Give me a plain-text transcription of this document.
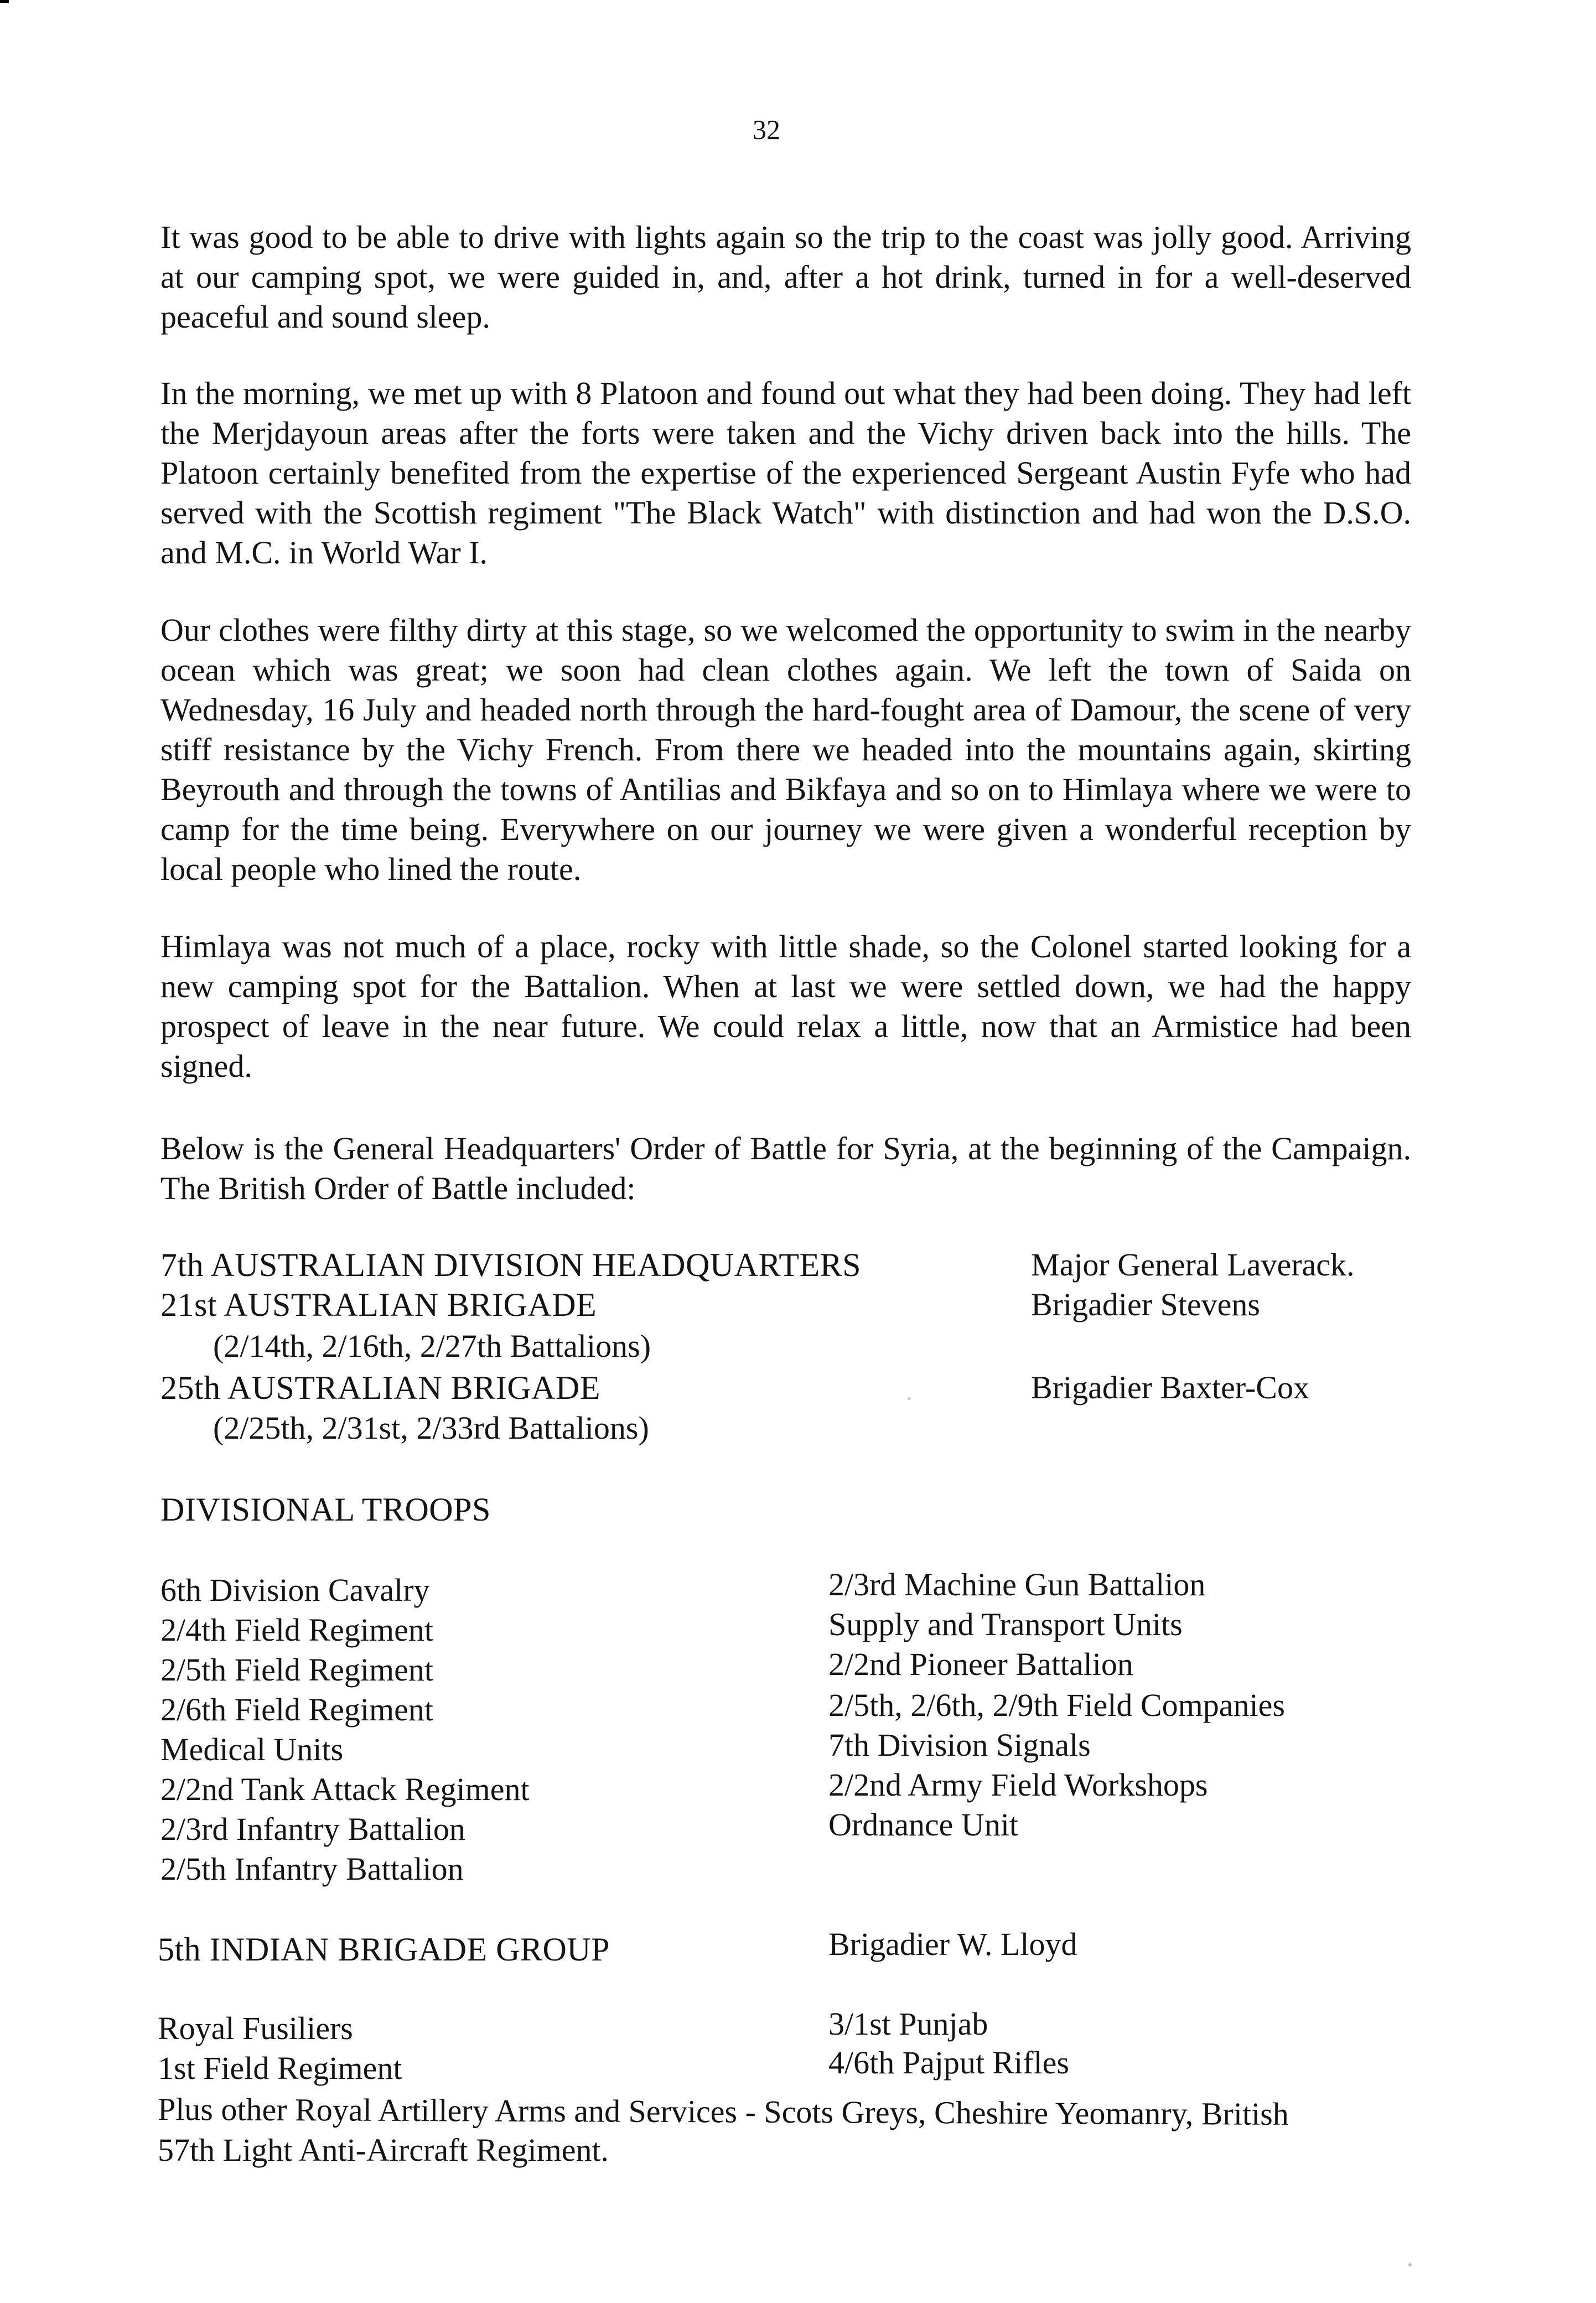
32

It was good to be able to drive with lights again so the trip to the coast was jolly good. Arriving at our camping spot, we were guided in, and, after a hot drink, turned in for a well-deserved peaceful and sound sleep.

In the morning, we met up with 8 Platoon and found out what they had been doing. They had left the Merjdayoun areas after the forts were taken and the Vichy driven back into the hills. The Platoon certainly benefited from the expertise of the experienced Sergeant Austin Fyfe who had served with the Scottish regiment "The Black Watch" with distinction and had won the D.S.O. and M.C. in World War I.

Our clothes were filthy dirty at this stage, so we welcomed the opportunity to swim in the nearby ocean which was great; we soon had clean clothes again. We left the town of Saida on Wednesday, 16 July and headed north through the hard-fought area of Damour, the scene of very stiff resistance by the Vichy French. From there we headed into the mountains again, skirting Beyrouth and through the towns of Antilias and Bikfaya and so on to Himlaya where we were to camp for the time being. Everywhere on our journey we were given a wonderful reception by local people who lined the route.

Himlaya was not much of a place, rocky with little shade, so the Colonel started looking for a new camping spot for the Battalion. When at last we were settled down, we had the happy prospect of leave in the near future. We could relax a little, now that an Armistice had been signed.

Below is the General Headquarters' Order of Battle for Syria, at the beginning of the Campaign. The British Order of Battle included:

7th AUSTRALIAN DIVISION HEADQUARTERS	Major General Laverack.
21st AUSTRALIAN BRIGADE	Brigadier Stevens
(2/14th, 2/16th, 2/27th Battalions)
25th AUSTRALIAN BRIGADE	Brigadier Baxter-Cox
(2/25th, 2/31st, 2/33rd Battalions)
DIVISIONAL TROOPS
6th Division Cavalry
2/4th Field Regiment
2/5th Field Regiment
2/6th Field Regiment
Medical Units
2/2nd Tank Attack Regiment
2/3rd Infantry Battalion
2/5th Infantry Battalion
2/3rd Machine Gun Battalion
Supply and Transport Units
2/2nd Pioneer Battalion
2/5th, 2/6th, 2/9th Field Companies
7th Division Signals
2/2nd Army Field Workshops
Ordnance Unit
5th INDIAN BRIGADE GROUP	Brigadier W. Lloyd
Royal Fusiliers
1st Field Regiment
3/1st Punjab
4/6th Pajput Rifles
Plus other Royal Artillery Arms and Services - Scots Greys, Cheshire Yeomanry, British
57th Light Anti-Aircraft Regiment.
